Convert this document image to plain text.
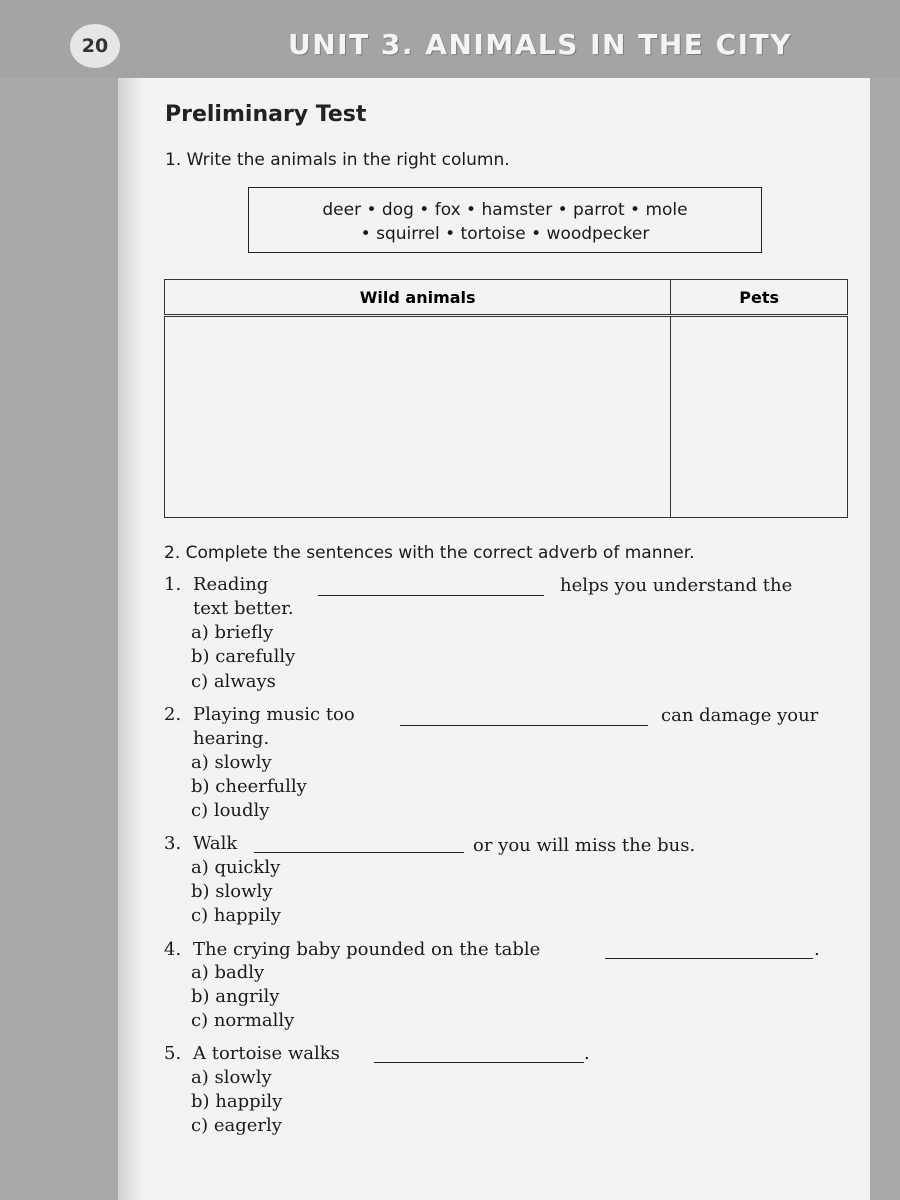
20	UNIT 3. ANIMALS IN THE CITY
Preliminary Test
1. Write the animals in the right column.
deer • dog • fox • hamster • parrot • mole
• squirrel • tortoise • woodpecker
Wild animals	Pets

2. Complete the sentences with the correct adverb of manner.
1. Reading	helps you understand the
text better.
a) briefly
b) carefully
c) always
2. Playing music too	can damage your
hearing.
a) slowly
b) cheerfully
c) loudly
3. Walk	or you will miss the bus.
a) quickly
b) slowly
c) happily
4. The crying baby pounded on the table	.
a) badly
b) angrily
c) normally
5. A tortoise walks	.
a) slowly
b) happily
c) eagerly
